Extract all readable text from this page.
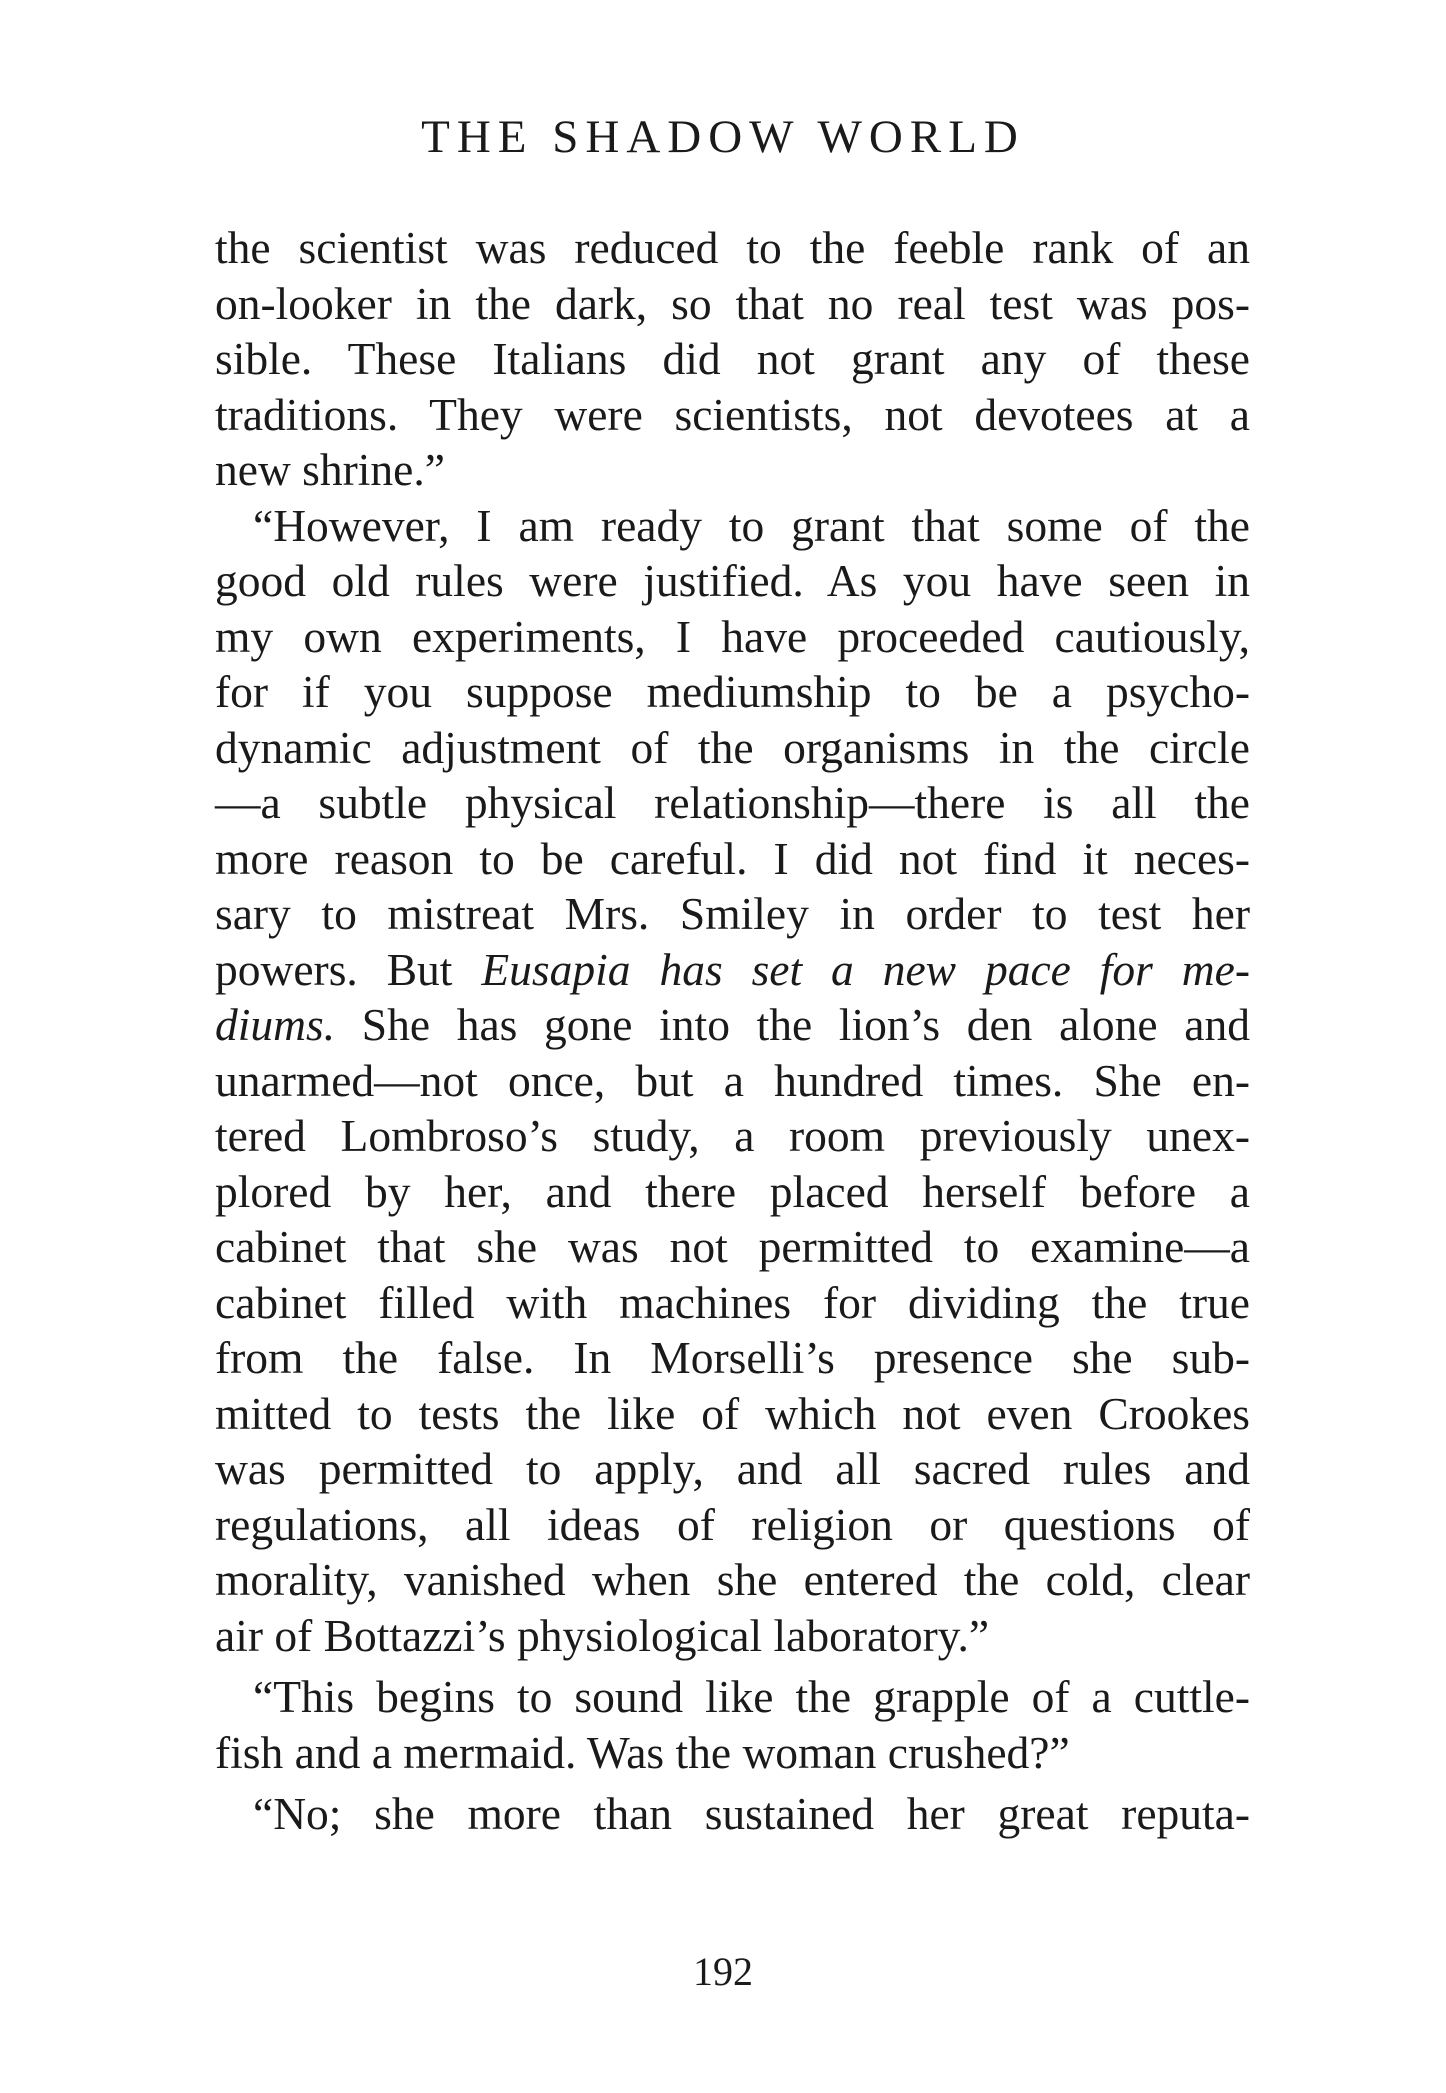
THE SHADOW WORLD
the scientist was reduced to the feeble rank of an
on-looker in the dark, so that no real test was pos-
sible. These Italians did not grant any of these
traditions. They were scientists, not devotees at a
new shrine.”
“However, I am ready to grant that some of the
good old rules were justified. As you have seen in
my own experiments, I have proceeded cautiously,
for if you suppose mediumship to be a psycho-
dynamic adjustment of the organisms in the circle
—a subtle physical relationship—there is all the
more reason to be careful. I did not find it neces-
sary to mistreat Mrs. Smiley in order to test her
powers. But Eusapia has set a new pace for me-
diums. She has gone into the lion’s den alone and
unarmed—not once, but a hundred times. She en-
tered Lombroso’s study, a room previously unex-
plored by her, and there placed herself before a
cabinet that she was not permitted to examine—a
cabinet filled with machines for dividing the true
from the false. In Morselli’s presence she sub-
mitted to tests the like of which not even Crookes
was permitted to apply, and all sacred rules and
regulations, all ideas of religion or questions of
morality, vanished when she entered the cold, clear
air of Bottazzi’s physiological laboratory.”
“This begins to sound like the grapple of a cuttle-
fish and a mermaid. Was the woman crushed?”
“No; she more than sustained her great reputa-
192
